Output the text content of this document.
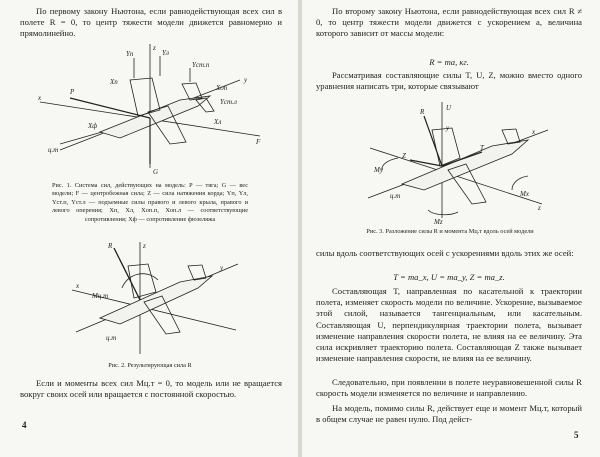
По первому закону Ньютона, если равнодействующая всех сил в полете R = 0, то центр тяжести модели движется равномерно и прямолинейно.

z
y
x
P
G
F
Yп	Yл
Yст.п
Xп
Xл
Xф
Yст.л
Xоп
ц.т

Рис. 1. Система сил, действующих на модель: P — тяга; G — вес модели; F — центробежная сила; Z — сила натяжения корда; Yп, Yл, Yст.п, Yст.л — подъемные силы правого и левого крыла, правого и левого оперения; Xп, Xл, Xоп.п, Xоп.л — соответствующие сопротивления; Xф — сопротивление фюзеляжа

R	z
y
x
Mц.т
ц.т

Рис. 2. Результирующая сила R

Если и моменты всех сил Mц.т = 0, то модель или не вращается вокруг своих осей или вращается с постоянной скоростью.

4

По второму закону Ньютона, если равнодействующая всех сил R ≠ 0, то центр тяжести модели движется с ускорением a, величина которого зависит от массы модели:

R = ma, кг.

Рассматривая составляющие силы T, U, Z, можно вместо одного уравнения написать три, которые связывают

R	U
y
T
Z
x
z
My
Mx
Mz
ц.т

Рис. 3. Разложение силы R и момента Mц.т вдоль осей модели

силы вдоль соответствующих осей с ускорениями вдоль этих же осей:

T = ma_x, U = ma_y, Z = ma_z.

Составляющая T, направленная по касательной к траектории полета, изменяет скорость модели по величине. Ускорение, вызываемое этой силой, называется тангенциальным, или касательным. Составляющая U, перпендикулярная траектории полета, вызывает изменение направления скорости полета, не влияя на ее величину. Эта сила искривляет траекторию полета. Составляющая Z также вызывает изменение направления скорости, не влияя на ее величину.

Следовательно, при появлении в полете неуравновешенной силы R скорость модели изменяется по величине и направлению.

На модель, помимо силы R, действует еще и момент Mц.т, который в общем случае не равен нулю. Под дейст-

5
